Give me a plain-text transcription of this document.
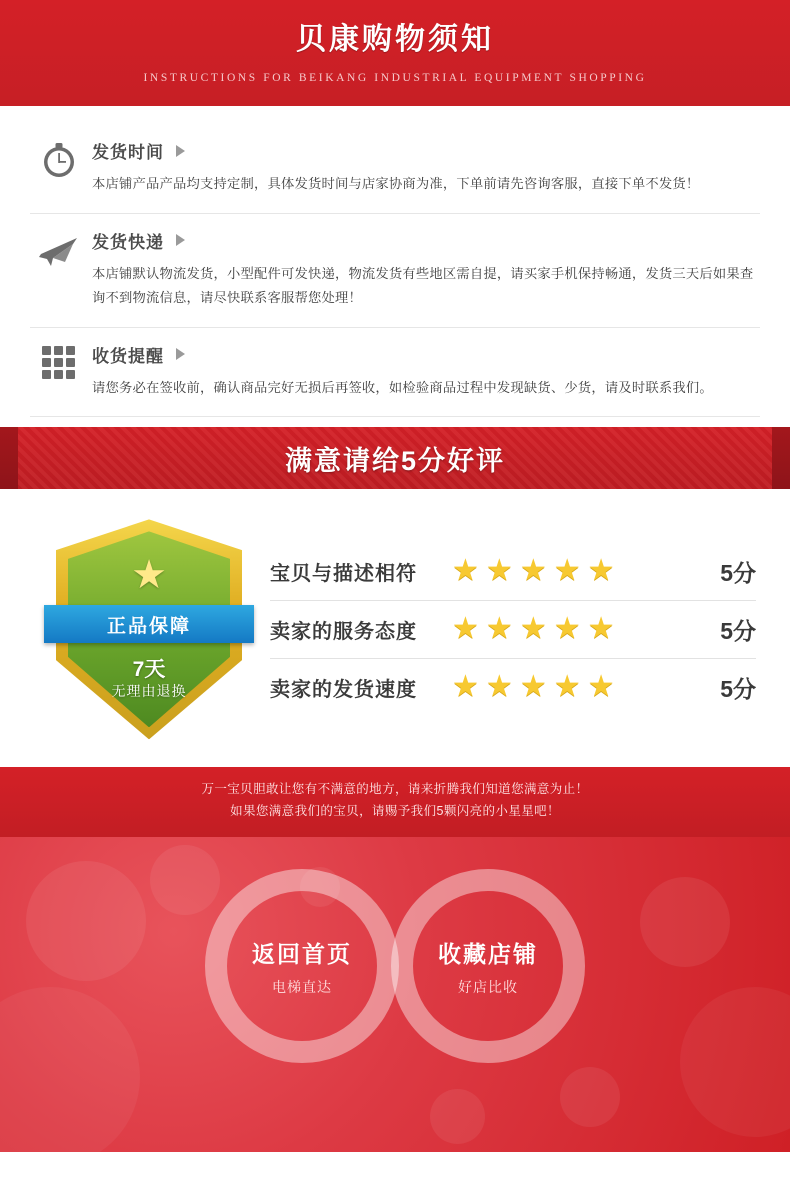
贝康购物须知
INSTRUCTIONS FOR BEIKANG INDUSTRIAL EQUIPMENT SHOPPING
发货时间
本店铺产品产品均支持定制，具体发货时间与店家协商为准，下单前请先咨询客服，直接下单不发货！
发货快递
本店铺默认物流发货，小型配件可发快递，物流发货有些地区需自提，请买家手机保持畅通，发货三天后如果查询不到物流信息，请尽快联系客服帮您处理！
收货提醒
请您务必在签收前，确认商品完好无损后再签收，如检验商品过程中发现缺货、少货，请及时联系我们。
满意请给5分好评
★
正品保障
7天
无理由退换
宝贝与描述相符	★ ★ ★ ★ ★	5分
卖家的服务态度	★ ★ ★ ★ ★	5分
卖家的发货速度	★ ★ ★ ★ ★	5分

万一宝贝胆敢让您有不满意的地方，请来折腾我们知道您满意为止！

如果您满意我们的宝贝，请赐予我们5颗闪亮的小星星吧！

返回首页
电梯直达
收藏店铺
好店比收
